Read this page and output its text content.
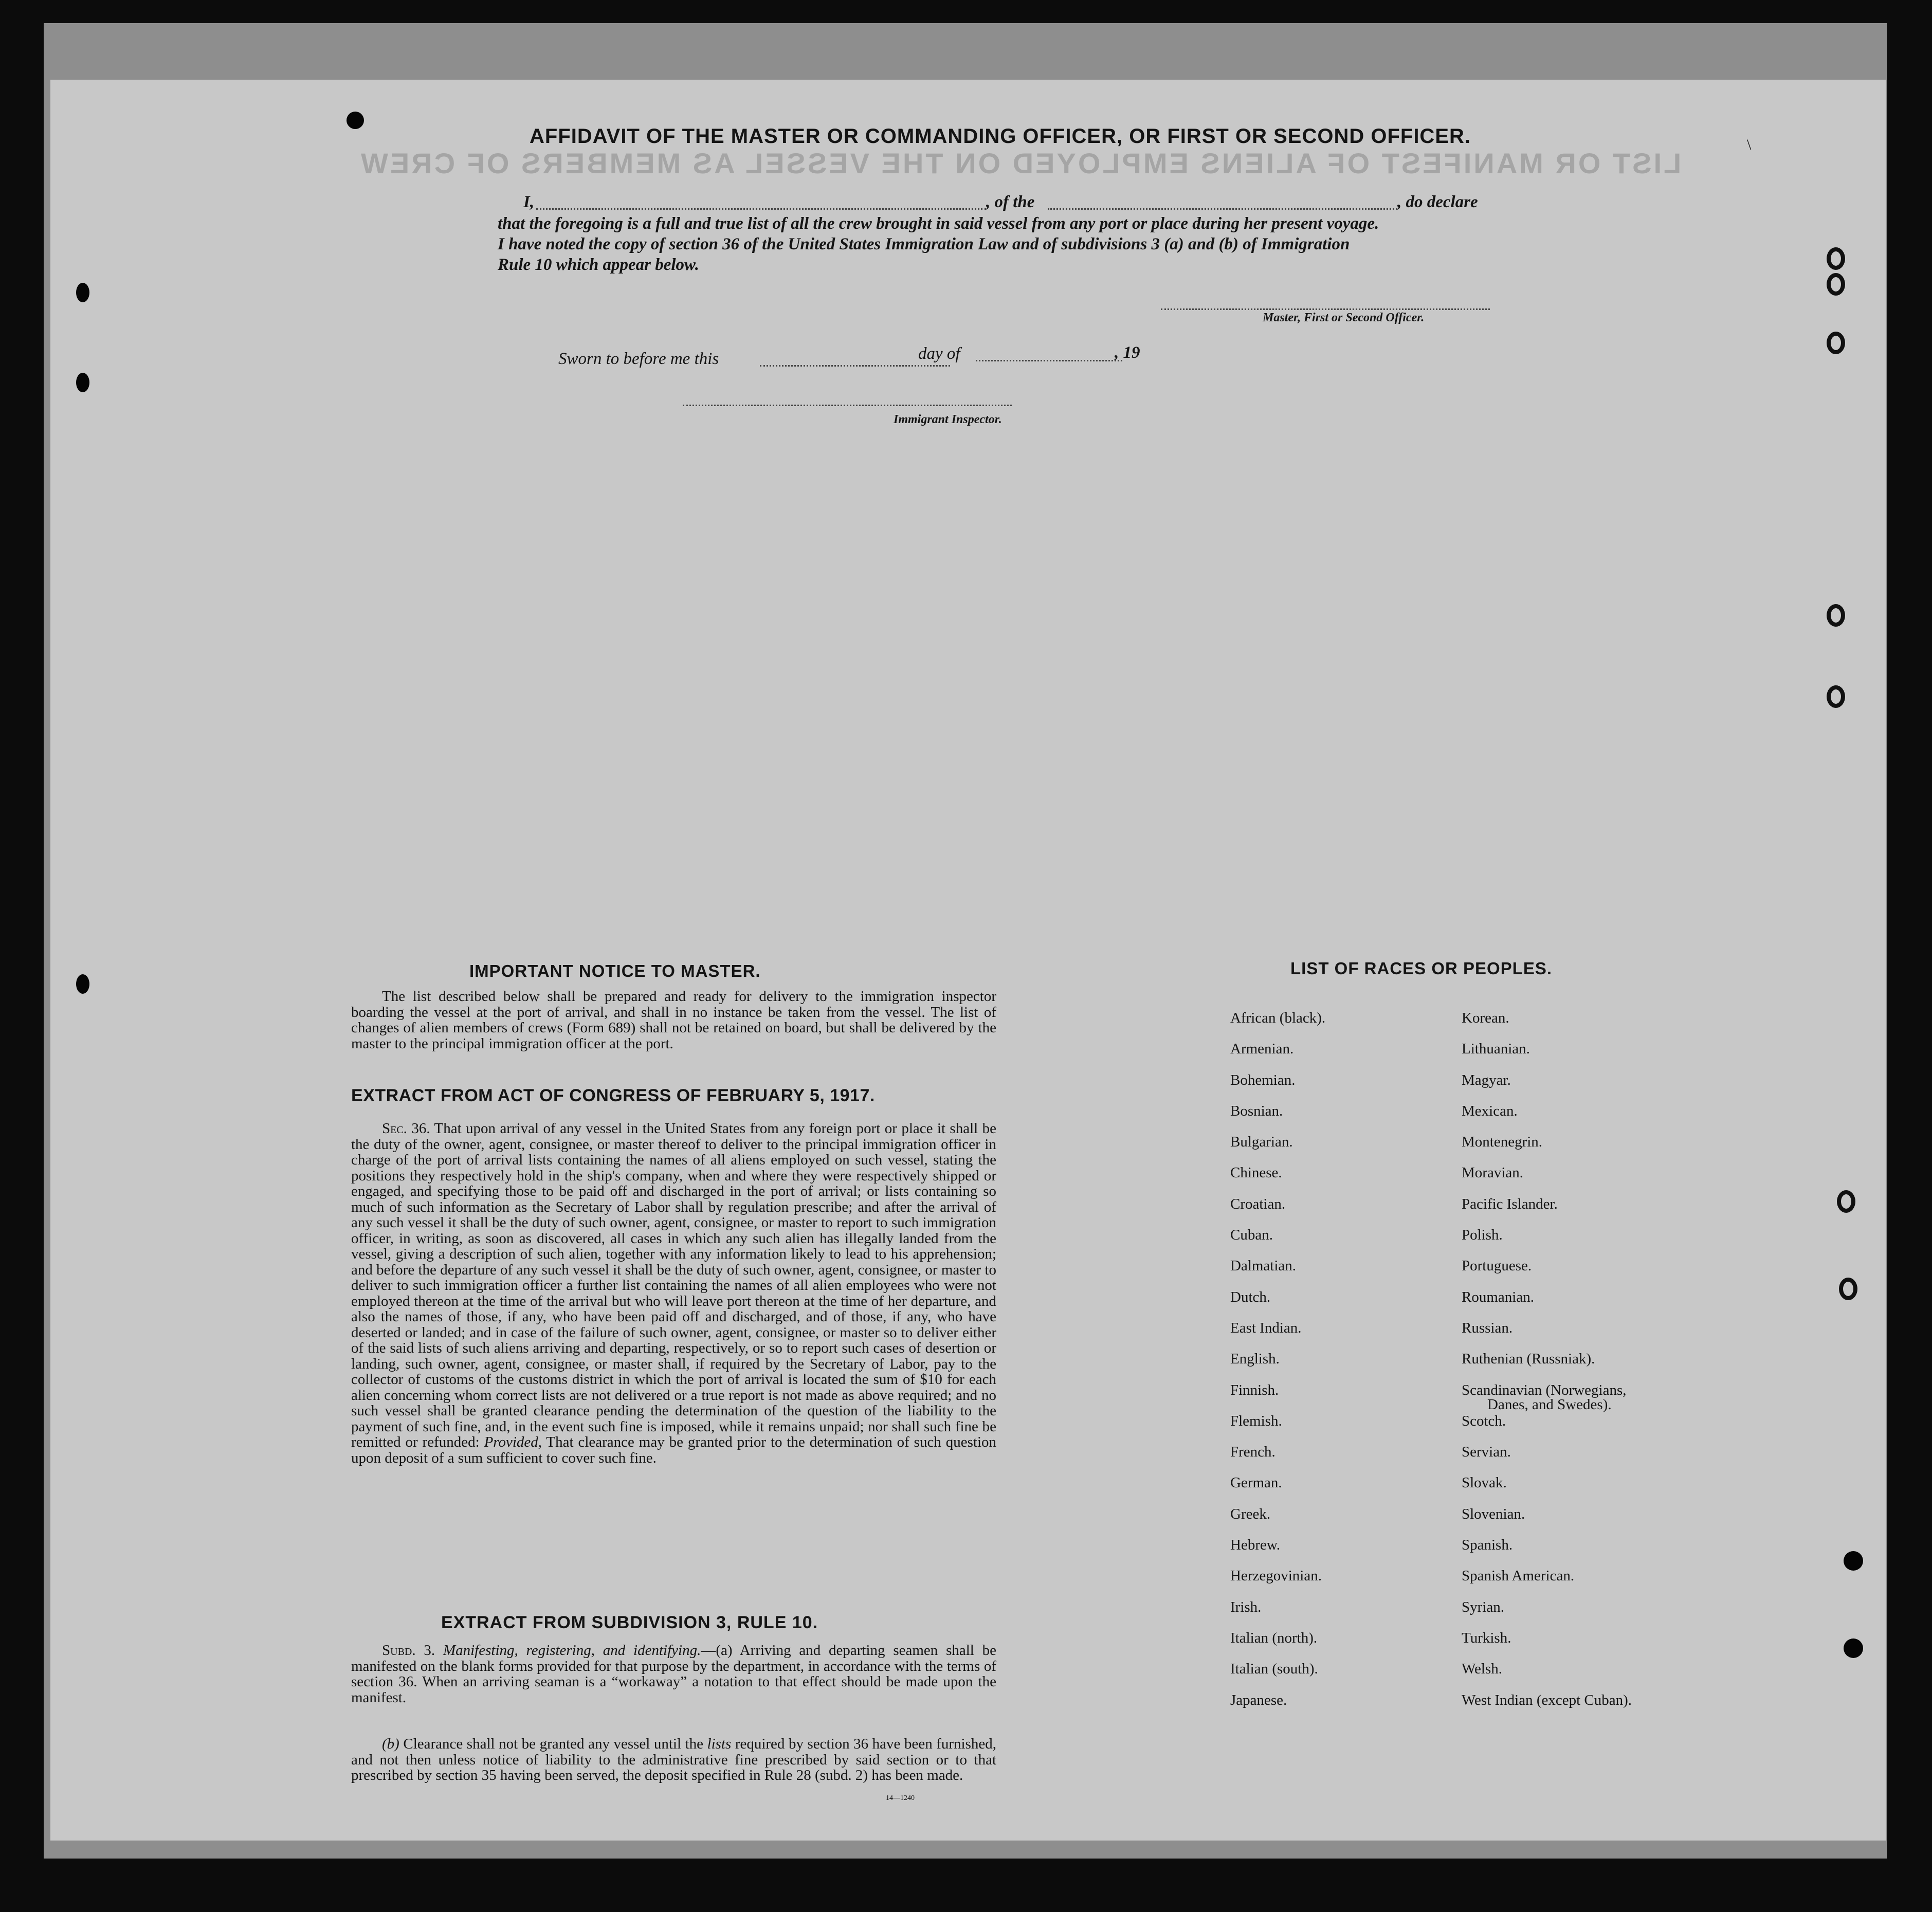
LIST OR MANIFEST OF ALIENS EMPLOYED ON THE VESSEL AS MEMBERS OF CREW
AFFIDAVIT OF THE MASTER OR COMMANDING OFFICER, OR FIRST OR SECOND OFFICER.
I,	, of the	, do declare
that the foregoing is a full and true list of all the crew brought in said vessel from any port or place during her present voyage.
I have noted the copy of section 36 of the United States Immigration Law and of subdivisions 3 (a) and (b) of Immigration
Rule 10 which appear below.
Master, First or Second Officer.
Sworn to before me this	day of	, 19
Immigrant Inspector.
IMPORTANT NOTICE TO MASTER.
The list described below shall be prepared and ready for delivery to the immigration inspector boarding the vessel at the port of arrival, and shall in no instance be taken from the vessel. The list of changes of alien members of crews (Form 689) shall not be retained on board, but shall be delivered by the master to the principal immigration officer at the port.
EXTRACT FROM ACT OF CONGRESS OF FEBRUARY 5, 1917.
Sec. 36. That upon arrival of any vessel in the United States from any foreign port or place it shall be the duty of the owner, agent, consignee, or master thereof to deliver to the principal immigration officer in charge of the port of arrival lists containing the names of all aliens employed on such vessel, stating the positions they respectively hold in the ship's company, when and where they were respectively shipped or engaged, and specifying those to be paid off and discharged in the port of arrival; or lists containing so much of such information as the Secretary of Labor shall by regulation prescribe; and after the arrival of any such vessel it shall be the duty of such owner, agent, consignee, or master to report to such immigration officer, in writing, as soon as discovered, all cases in which any such alien has illegally landed from the vessel, giving a description of such alien, together with any information likely to lead to his apprehension; and before the departure of any such vessel it shall be the duty of such owner, agent, consignee, or master to deliver to such immigration officer a further list containing the names of all alien employees who were not employed thereon at the time of the arrival but who will leave port thereon at the time of her departure, and also the names of those, if any, who have been paid off and discharged, and of those, if any, who have deserted or landed; and in case of the failure of such owner, agent, consignee, or master so to deliver either of the said lists of such aliens arriving and departing, respectively, or so to report such cases of desertion or landing, such owner, agent, consignee, or master shall, if required by the Secretary of Labor, pay to the collector of customs of the customs district in which the port of arrival is located the sum of $10 for each alien concerning whom correct lists are not delivered or a true report is not made as above required; and no such vessel shall be granted clearance pending the determination of the question of the liability to the payment of such fine, and, in the event such fine is imposed, while it remains unpaid; nor shall such fine be remitted or refunded: Provided, That clearance may be granted prior to the determination of such question upon deposit of a sum sufficient to cover such fine.
EXTRACT FROM SUBDIVISION 3, RULE 10.
Subd. 3. Manifesting, registering, and identifying.—(a) Arriving and departing seamen shall be manifested on the blank forms provided for that purpose by the department, in accordance with the terms of section 36. When an arriving seaman is a “workaway” a notation to that effect should be made upon the manifest.
(b) Clearance shall not be granted any vessel until the lists required by section 36 have been furnished, and not then unless notice of liability to the administrative fine prescribed by said section or to that prescribed by section 35 having been served, the deposit specified in Rule 28 (subd. 2) has been made.
14—1240
LIST OF RACES OR PEOPLES.
African (black).
Armenian.
Bohemian.
Bosnian.
Bulgarian.
Chinese.
Croatian.
Cuban.
Dalmatian.
Dutch.
East Indian.
English.
Finnish.
Flemish.
French.
German.
Greek.
Hebrew.
Herzegovinian.
Irish.
Italian (north).
Italian (south).
Japanese.
Korean.
Lithuanian.
Magyar.
Mexican.
Montenegrin.
Moravian.
Pacific Islander.
Polish.
Portuguese.
Roumanian.
Russian.
Ruthenian (Russniak).
Scandinavian (Norwegians,
Danes, and Swedes).
Scotch.
Servian.
Slovak.
Slovenian.
Spanish.
Spanish American.
Syrian.
Turkish.
Welsh.
West Indian (except Cuban).
\
